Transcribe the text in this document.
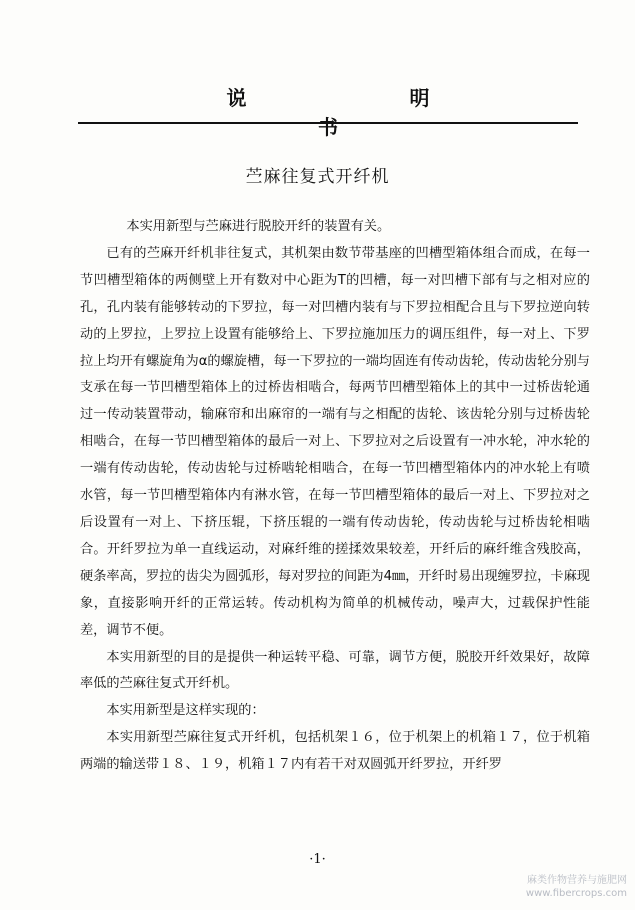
说 明 书
苎麻往复式开纤机

本实用新型与苎麻进行脱胶开纤的装置有关。

已有的苎麻开纤机非往复式，其机架由数节带基座的凹槽型箱体组合而成，在每一节凹槽型箱体的两侧壁上开有数对中心距为T的凹槽，每一对凹槽下部有与之相对应的孔，孔内装有能够转动的下罗拉，每一对凹槽内装有与下罗拉相配合且与下罗拉逆向转动的上罗拉，上罗拉上设置有能够给上、下罗拉施加压力的调压组件，每一对上、下罗拉上均开有螺旋角为α的螺旋槽，每一下罗拉的一端均固连有传动齿轮，传动齿轮分别与支承在每一节凹槽型箱体上的过桥齿相啮合，每两节凹槽型箱体上的其中一过桥齿轮通过一传动装置带动，输麻帘和出麻帘的一端有与之相配的齿轮、该齿轮分别与过桥齿轮相啮合，在每一节凹槽型箱体的最后一对上、下罗拉对之后设置有一冲水轮，冲水轮的一端有传动齿轮，传动齿轮与过桥啮轮相啮合，在每一节凹槽型箱体内的冲水轮上有喷水管，每一节凹槽型箱体内有淋水管，在每一节凹槽型箱体的最后一对上、下罗拉对之后设置有一对上、下挤压辊，下挤压辊的一端有传动齿轮，传动齿轮与过桥齿轮相啮合。开纤罗拉为单一直线运动，对麻纤维的搓揉效果较差，开纤后的麻纤维含残胶高，硬条率高，罗拉的齿尖为圆弧形，每对罗拉的间距为4㎜，开纤时易出现缠罗拉，卡麻现象，直接影响开纤的正常运转。传动机构为简单的机械传动，噪声大，过载保护性能差，调节不便。

本实用新型的目的是提供一种运转平稳、可靠，调节方便，脱胶开纤效果好，故障率低的苎麻往复式开纤机。

本实用新型是这样实现的：

本实用新型苎麻往复式开纤机，包括机架１６，位于机架上的机箱１７，位于机箱两端的输送带１８、１９，机箱１７内有若干对双圆弧开纤罗拉，开纤罗

·1·
麻类作物营养与施肥网
www.fibercrops.com
